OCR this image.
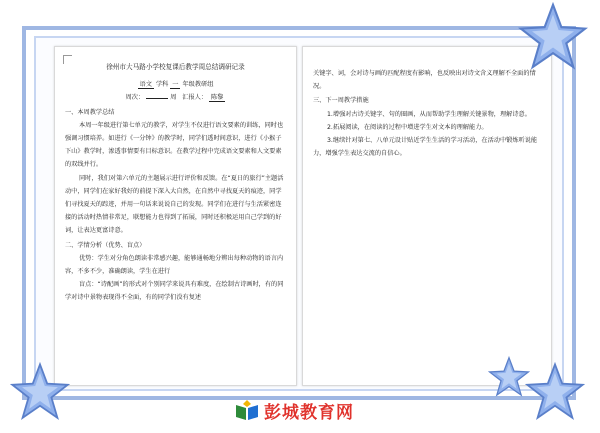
徐州市大马路小学校复课后教学周总结调研记录
语文 学科 一 年级教研组
周次：	周 汇报人： 陈黎
一、本周教学总结
本周一年级进行第七单元的教学，对学生不仅进行语文要素的训练，同时也强调习惯培养。如进行《一分钟》的教学时，同学们透时间意识，进行《小猴子下山》教学时，渗透事情要有目标意识。在教学过程中完成语文要素和人文要素的双线并行。
同时，我们对第六单元的主题展示进行评价和反馈。在“夏日的旅行”主题活动中，同学们在家好我好的前提下深入大自然，在自然中寻找夏天的痕迹，同学们寻找夏天的踪迹，并用一句话来说说自己的发现。同学们在进行与生活紧密连接的活动时热情非常足，联想能力也得到了拓展，同时还积极运用自己学到的好词，让表达更富诗意。
二、学情分析（优势、盲点）
优势：学生对分角色朗读非常感兴趣，能够通畅地分辨出每种动物的语言内容，不多不少，准确朗读，学生在进行
盲点：“诗配画”的形式对个别同学来说具有难度，在绘制古诗画时，有的同学对诗中景物表现得不全面，有的同学们没有复述
关键字、词，会对诗与画的匹配程度有影响，也反映出对诗文含义理解不全面的情况。
三、下一周教学措施
1.增强对古诗关键字、句的圈画，从而帮助学生理解关键景物，理解诗意。
2.拓展阅读，在阅读的过程中增进学生对文本的理解能力。
3.继续针对第七、八单元设计贴近学生生活的学习活动，在活动中锻炼听说能力，增强学生表达交流的自信心。
彭城教育网
